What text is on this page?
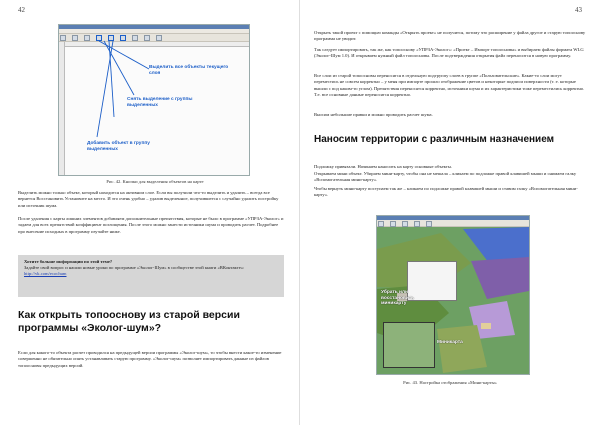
42

Выделить все объекты текущего слоя
Снять выделение с группы выделенных
Добавить объект в группу выделенных
Рис. 42. Кнопки для выделения объектов на карте

Выделить можно только объект, который находится на активном слое. Если вы получили что-то выделить и удалить – всегда все вернется Восстановить Установите на место. И это очень удобно – удалив выделенное, получившееся с случайно удалить постройку или источник шума.

После удаления с карты лишних элементов добавляем дополнительные препятствия, которые не было в программе «УПРЗА-Эколог» и задаем для всех препятствий коэффициент поглощения. После этого можно занести источники шума и проводить расчет. Подробнее про внесение исходных в программу изучайте ниже.

Хотите больше информации по этой теме?
Задайте свой вопрос и нашли новые уроки по программе «Эколог-Шум» в сообществе этой книги «ВКонтакте»:
http://vk.com/ecochum
Как открыть топооснову из старой версии программы «Эколог-шум»?

Если для какого-то объекта расчет проводился на предыдущей версии программы «Эколог-шум», то чтобы внести какое-то изменение совершенно не обязательно опять устанавливать старую программу. «Эколог-шум» позволяет импортировать данные из файлов топоосновы предыдущих версий.

43

Открыть такой проект с помощью команды «Открыть проект» не получится, потому что расширение у файла другое и старую топооснову программа не увидит.

Так следует импортировать, так же, как топооснову «УПРЗА-Эколог»: «Проект – Импорт топоосновы» и выбираем файлы формата WLG (Эколог-Шум 1.0). И открываем нужный файл топоосновы. После подтверждения открытия файл переносится в новую программу.

Все слои из старой топоосновы переносятся в отдельную подгруппу слоев в группе «Пользовательские». Какие-то слои могут переместись не совсем корректно – у меня при импорте прошло отображение цветов и некоторые подписи поверхности (т. е. которые вышли с под каким-то углом). Препятствия переносятся корректно, источники шума и их характеристики тоже переместились корректно. Т.е. все основные данные переносятся корректно.

Вносим небольшие правки и можно проводить расчет шума.

Наносим территории с различным назначением

Подложку привязали. Начинаем наносить на карту основные объекты.

Открываем мини объект. Убираем мини-карту, чтобы она не мешала – кликаем по подложке правой клавишей мыши и снимаем галку «Вспомогательная мини-карту».

Чтобы вернуть мини-карту поступаем так же – кликаем по подложке правой клавишей мыши и ставим галку «Вспомогательная мини-карту».

Убрать или восстановить миникарту
Миникарта
Рис. 43. Настройка отображения «Мини-карты»
